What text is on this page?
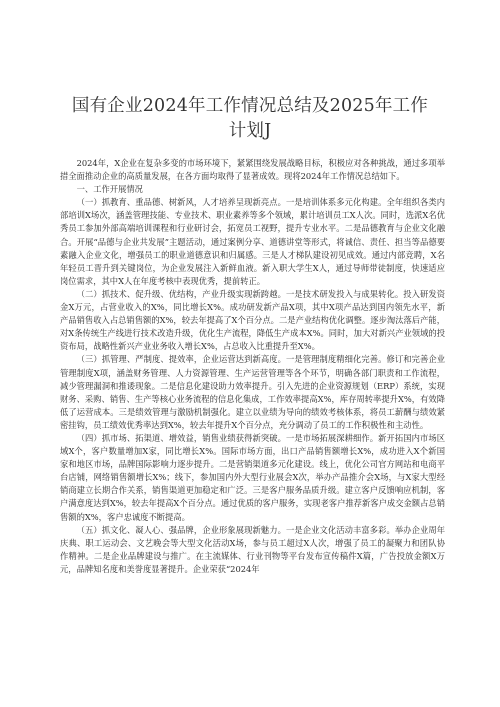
国有企业2024年工作情况总结及2025年工作
计划J

2024年，X企业在复杂多变的市场环境下，紧紧围绕发展战略目标，积极应对各种挑战，通过多项举措全面推动企业的高质量发展，在各方面均取得了显著成效。现将2024年工作情况总结如下。

一、工作开展情况

（一）抓教育、重品德、树新风，人才培养呈现新亮点。一是培训体系多元化构建。全年组织各类内部培训X场次，涵盖管理技能、专业技术、职业素养等多个领域，累计培训员工X人次。同时，选派X名优秀员工参加外部高端培训课程和行业研讨会，拓宽员工视野，提升专业水平。二是品德教育与企业文化融合。开展“品德与企业共发展”主题活动，通过案例分享、道德讲堂等形式，将诚信、责任、担当等品德要素融入企业文化，增强员工的职业道德意识和归属感。三是人才梯队建设初见成效。通过内部竞聘，X名年轻员工晋升到关键岗位，为企业发展注入新鲜血液。新入职大学生X人，通过导师带徒制度，快速适应岗位需求，其中X人在年度考核中表现优秀，提前转正。

（二）抓技术、促升级、优结构，产业升级实现新跨越。一是技术研发投入与成果转化。投入研发资金X万元，占营业收入的X%，同比增长X%。成功研发新产品X项，其中X项产品达到国内领先水平，新产品销售收入占总销售额的X%，较去年提高了X个百分点。二是产业结构优化调整。逐步淘汰落后产能，对X条传统生产线进行技术改造升级，优化生产流程，降低生产成本X%。同时，加大对新兴产业领域的投资布局，战略性新兴产业业务收入增长X%，占总收入比重提升至X%。

（三）抓管理、严制度、提效率，企业运营达到新高度。一是管理制度精细化完善。修订和完善企业管理制度X项，涵盖财务管理、人力资源管理、生产运营管理等各个环节，明确各部门职责和工作流程，减少管理漏洞和推诿现象。二是信息化建设助力效率提升。引入先进的企业资源规划（ERP）系统，实现财务、采购、销售、生产等核心业务流程的信息化集成，工作效率提高X%，库存周转率提升X%，有效降低了运营成本。三是绩效管理与激励机制强化。建立以业绩为导向的绩效考核体系，将员工薪酬与绩效紧密挂钩，员工绩效优秀率达到X%，较去年提升X个百分点，充分调动了员工的工作积极性和主动性。

（四）抓市场、拓渠道、增效益，销售业绩获得新突破。一是市场拓展深耕细作。新开拓国内市场区域X个，客户数量增加X家，同比增长X%。国际市场方面，出口产品销售额增长X%，成功进入X个新国家和地区市场，品牌国际影响力逐步提升。二是营销渠道多元化建设。线上，优化公司官方网站和电商平台店铺，网络销售额增长X%；线下，参加国内外大型行业展会X次，举办产品推介会X场，与X家大型经销商建立长期合作关系，销售渠道更加稳定和广泛。三是客户服务品质升级。建立客户反馈响应机制，客户满意度达到X%，较去年提高X个百分点。通过优质的客户服务，实现老客户推荐新客户成交金额占总销售额的X%，客户忠诚度不断提高。

（五）抓文化、凝人心、强品牌，企业形象展现新魅力。一是企业文化活动丰富多彩。举办企业周年庆典、职工运动会、文艺晚会等大型文化活动X场，参与员工超过X人次，增强了员工的凝聚力和团队协作精神。二是企业品牌建设与推广。在主流媒体、行业刊物等平台发布宣传稿件X篇，广告投放金额X万元，品牌知名度和美誉度显著提升。企业荣获“2024年
